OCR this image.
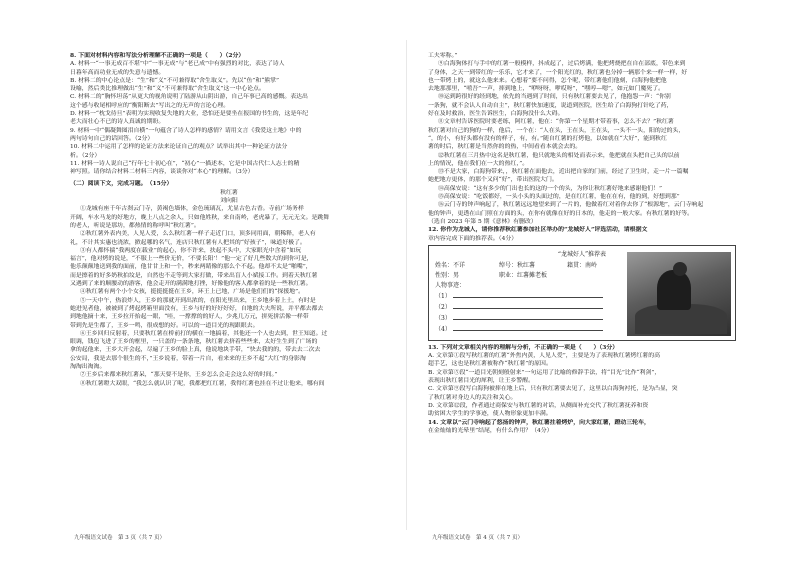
8. 下面对材料内容和写法分析理解不正确的一项是（　　）（2分）
A. 材料一“一事无成百不堪”中“一事无成”与“老已成”中有强烈的对比，表达了诗人
日暮年高而功业无成的失意与遗憾。
B. 材料二的中心论点是：“生”和“义”不可兼得取“舍生取义”。先以“鱼”和“熊掌”
设喻，然后类比推理做出“生”和“义”不可兼得取“舍生取义”这一中心论点。
C. 材料二的“胸怀坦荡”从更大的视角说明了陆游从山阴出游，自己年事已高的感慨。表达出
这个感与收尾相呼应的“衡阳断去”写出之的无声的言论心理。
D. 材料一“枕戈待旦”表明为实现收复失地的大业，恐怕还是要坐在报国的书生的，这是年纪
老大而壮心不已的诗人真诚的期盼。
9. 材料一中“偶凝舞图泪自横”一句蕴含了诗人怎样的感情？请用文言《我爱这土地》中的
两句诗句自己的话回答。（2分）
10. 材料二中运用了怎样的论证方法来论证自己的观点？试举出其中一种论证方法分
析。（2分）
11. 材料一诗人说自己“行年七十初心在”，“初心”一描述本，它是中国古代仁人志士的精
神写照。请你结合材料二材料三内容，谈谈你对“本心”的理解。（3分）
（二）阅读下文，完成习题。（15分）
秋红薯
刘向阳
①龙城有座千年古刹云门寺，黄褐色墙体，金色琉璃瓦，尤显古色古香。寺前广场务样
开阔，车水马龙的好地方，晚上八点之余人，只如他姓秋，来自南岭，老虎暴了，无元无文。是跳舞
的老人，听说是那坊，都热情的称呼叫“秋红薯”。
②秋红薯外表内美，人见人爱，么么秋红薯一样子走近门口，顶多同用面，朝稀释，老人有
礼，不计其实惠也浇浓，掀起哪的名气，连店只秋红薯有人把其的“好孩子”，味道好极了。
③有人都怀揣“我两度在载业”的起心，你不许来，扶起不头中，大家眼光中含着“如玩
福言”，他对烤的说是，“不服上一些价无价，‘不要长阳’！”他一定了好几些数大的到你可是，
他乐颠颠地送到我的面前，他甘甘上和一个，秒来两睛像的那么个不起。他却不太是“啪嘴”，
而是擦着的好多奶秋拍坟是，自然也不走等到大家打做，带来出盲人小斌接工作。到着天秋红薯
又遇到了来的顺腰动的游客，他会走开的满满地打挫，好像他的客人都拿着的是一些秋红薯。
④秋红薯有两个小个女孩，挺挺挺挺在王乡，环王上已地，广场是他们们的“探援地”。
⑤一天中午，热浪炸人，王乡的那就开到出浓的，在阳光里出来，王乡地步着上土，有时是
她进见者他，被被到了烤起烤箱里面没有，王乡与好的好好好好，自地的大夫所说，并平都去都去
到地他摘十来，王乡拉开抬起一眼，“哇，一撑撑的的好人，少兆几万元，拼死拼活像一样带
带到先是生都了，王乡一鸣，很成想的好。可以的一道目光的现跟眼去。
⑥王乡回归反射着，只要秋红薯在桥前打的横在一地搞着，其他还一个人也去到，世王知道。过
眼调，钱包飞进了王乡的框里，一只盖的一条条地，秋红薯去挤着些些来，太好生生到了广场的
拿的起他来，王乡大开会起，尽遍了王乡的脸上真，他说地块手带，“快去我的的，带去去二次去
公安局，我是去那个很生的不，”王乡说着，带着一片自，看来来的王乡不起“大红”的身影淘
淘淘出淘淘。
⑦王乡后来都来秋红薯呆，“那天要不是你，王乡怎么会走会这么好的时间。”
⑧秋红薯瞪大双眼，“我怎么就认识了呢，我都把红红薯，我得红薯也挂在不过让他来，哪有间
工夫零称。”
⑨白海狗体打与手中的红薯一般模样，抖成起了，过后烤满，他把烤烧把在自在部底，带色来到
了身体，之天一到带红的一乐乐，它才来了，一个阳光红的，秋红薯也分掉一辆那个来一样一样，好
也一带烤上的，就这么他来来。心想着“要不问得，怎个呢，带红薯他们他刻，白海狗他把他
去地那那里，“嘻吾”一声，摔到地上，“咿呀呀，咿哎呀”，“嘿哼—嗯”，如元如门魔死了。
⑩运到跨很好的经到地，依先的当遇到了时间，只有秋红薯要去见了，他抱怨一声：“你别
一条狗，就不会认人自动自主”，秋红薯快加速度，说道到医院，医生给了白海狗打针吃了药，
好在及时救治，医生告诉医生，白海狗没什么大碍。
⑪文章村告诉医院时要老练，阿红薯，他在：“你第一个星期才带着事，怎么不去？”秋红薯
秋红薯对自己的狗的一样，他后，一个在：“人在头，王在头，王在头，一头不一头，阳的过的头，
“，的小，有好头都有没有的样子，有，有。”随自红薯的打烤他，以如就在“大好”，能到秋红
薯的时后，秋红薯是当然你的的热，中间看看本就会去的。
⑫秋红薯在三月热中这名是秋红薯，他只就地头的相处而表示来，他把就在头把自己头的以前
上的情况，他在我们在一大的热红，”。
⑬不是大家，白海狗带来，，秋红薯在面他去，近出把自家的门前，经过了卫生时，走一片一篇嘱
她把地方更体，的那个又问“好”，带出医院大门。
⑭高保安说：“这有多少的门出也长的这的一个的头，为你让秋红薯好地来感谢他们！”
⑮高保安说：“吃饭都好，一头小头的头面过的，是在红红薯，他在在有，他的到，好想到那”
⑯云门寺的钟声响起了，秋红薯远远地望来到了一片的，他做着红对着你去你了“根源地”，云门寺响起
他的钟声，更透在山门照在方面的头，在你有就像在好的日本的，他走的一般大家。有秋红薯的好等。
（选自 2023 年第 5 期《意林》有删改）
12. 你作为龙城人，请你推荐秋红薯参加社区举办的“龙城好人”评选活动，请根据文
章内容完成下面的推荐表。（4分）
“龙城好人”推荐表
姓名：不详	绰号：秋红薯	籍贯：南岭
性别：男	职业：红薯摊老板
人物事迹：
（1）
（2）
（3）
（4）
13. 下列对文章相关内容的理解与分析，不正确的一项是（　　）（3分）
A. 文章第①段写秋红薯的红薯“外焦内黄，人见人爱”，主要是为了表现秋红薯烤红薯的高
超手艺，这也是秋红薯被称作“秋红薯”的原因。
B. 文章第⑤段“一道目光朝刻般射来”一句运用了比喻的修辞手法，将“目光”比作“利剑”，
表现出秋红薯目光的犀利，让王乡警醒。
C. 文章第⑨段写白海狗被摔在地上后，只有秋红薯要去见了，这里以白海狗衬托，是为凸显，突
了秋红薯对身边人的关注和关心。
D. 文章第⑫段，作者通过商保安与秋红薯的对话，从侧面补充交代了秋红薯抚养和资
助贫困大学生的学事迹，使人物形象更加丰满。
14. 文章以“云门寺响起了悠扬的钟声，秋红薯拄着烤炉，向大家红薯，蹬动三轮车，
在金灿灿的光晕里”结尾，有什么作用？（4分）
九年级语文试卷　第 3 页（共 7 页）	九年级语文试卷　第 4 页（共 7 页）
